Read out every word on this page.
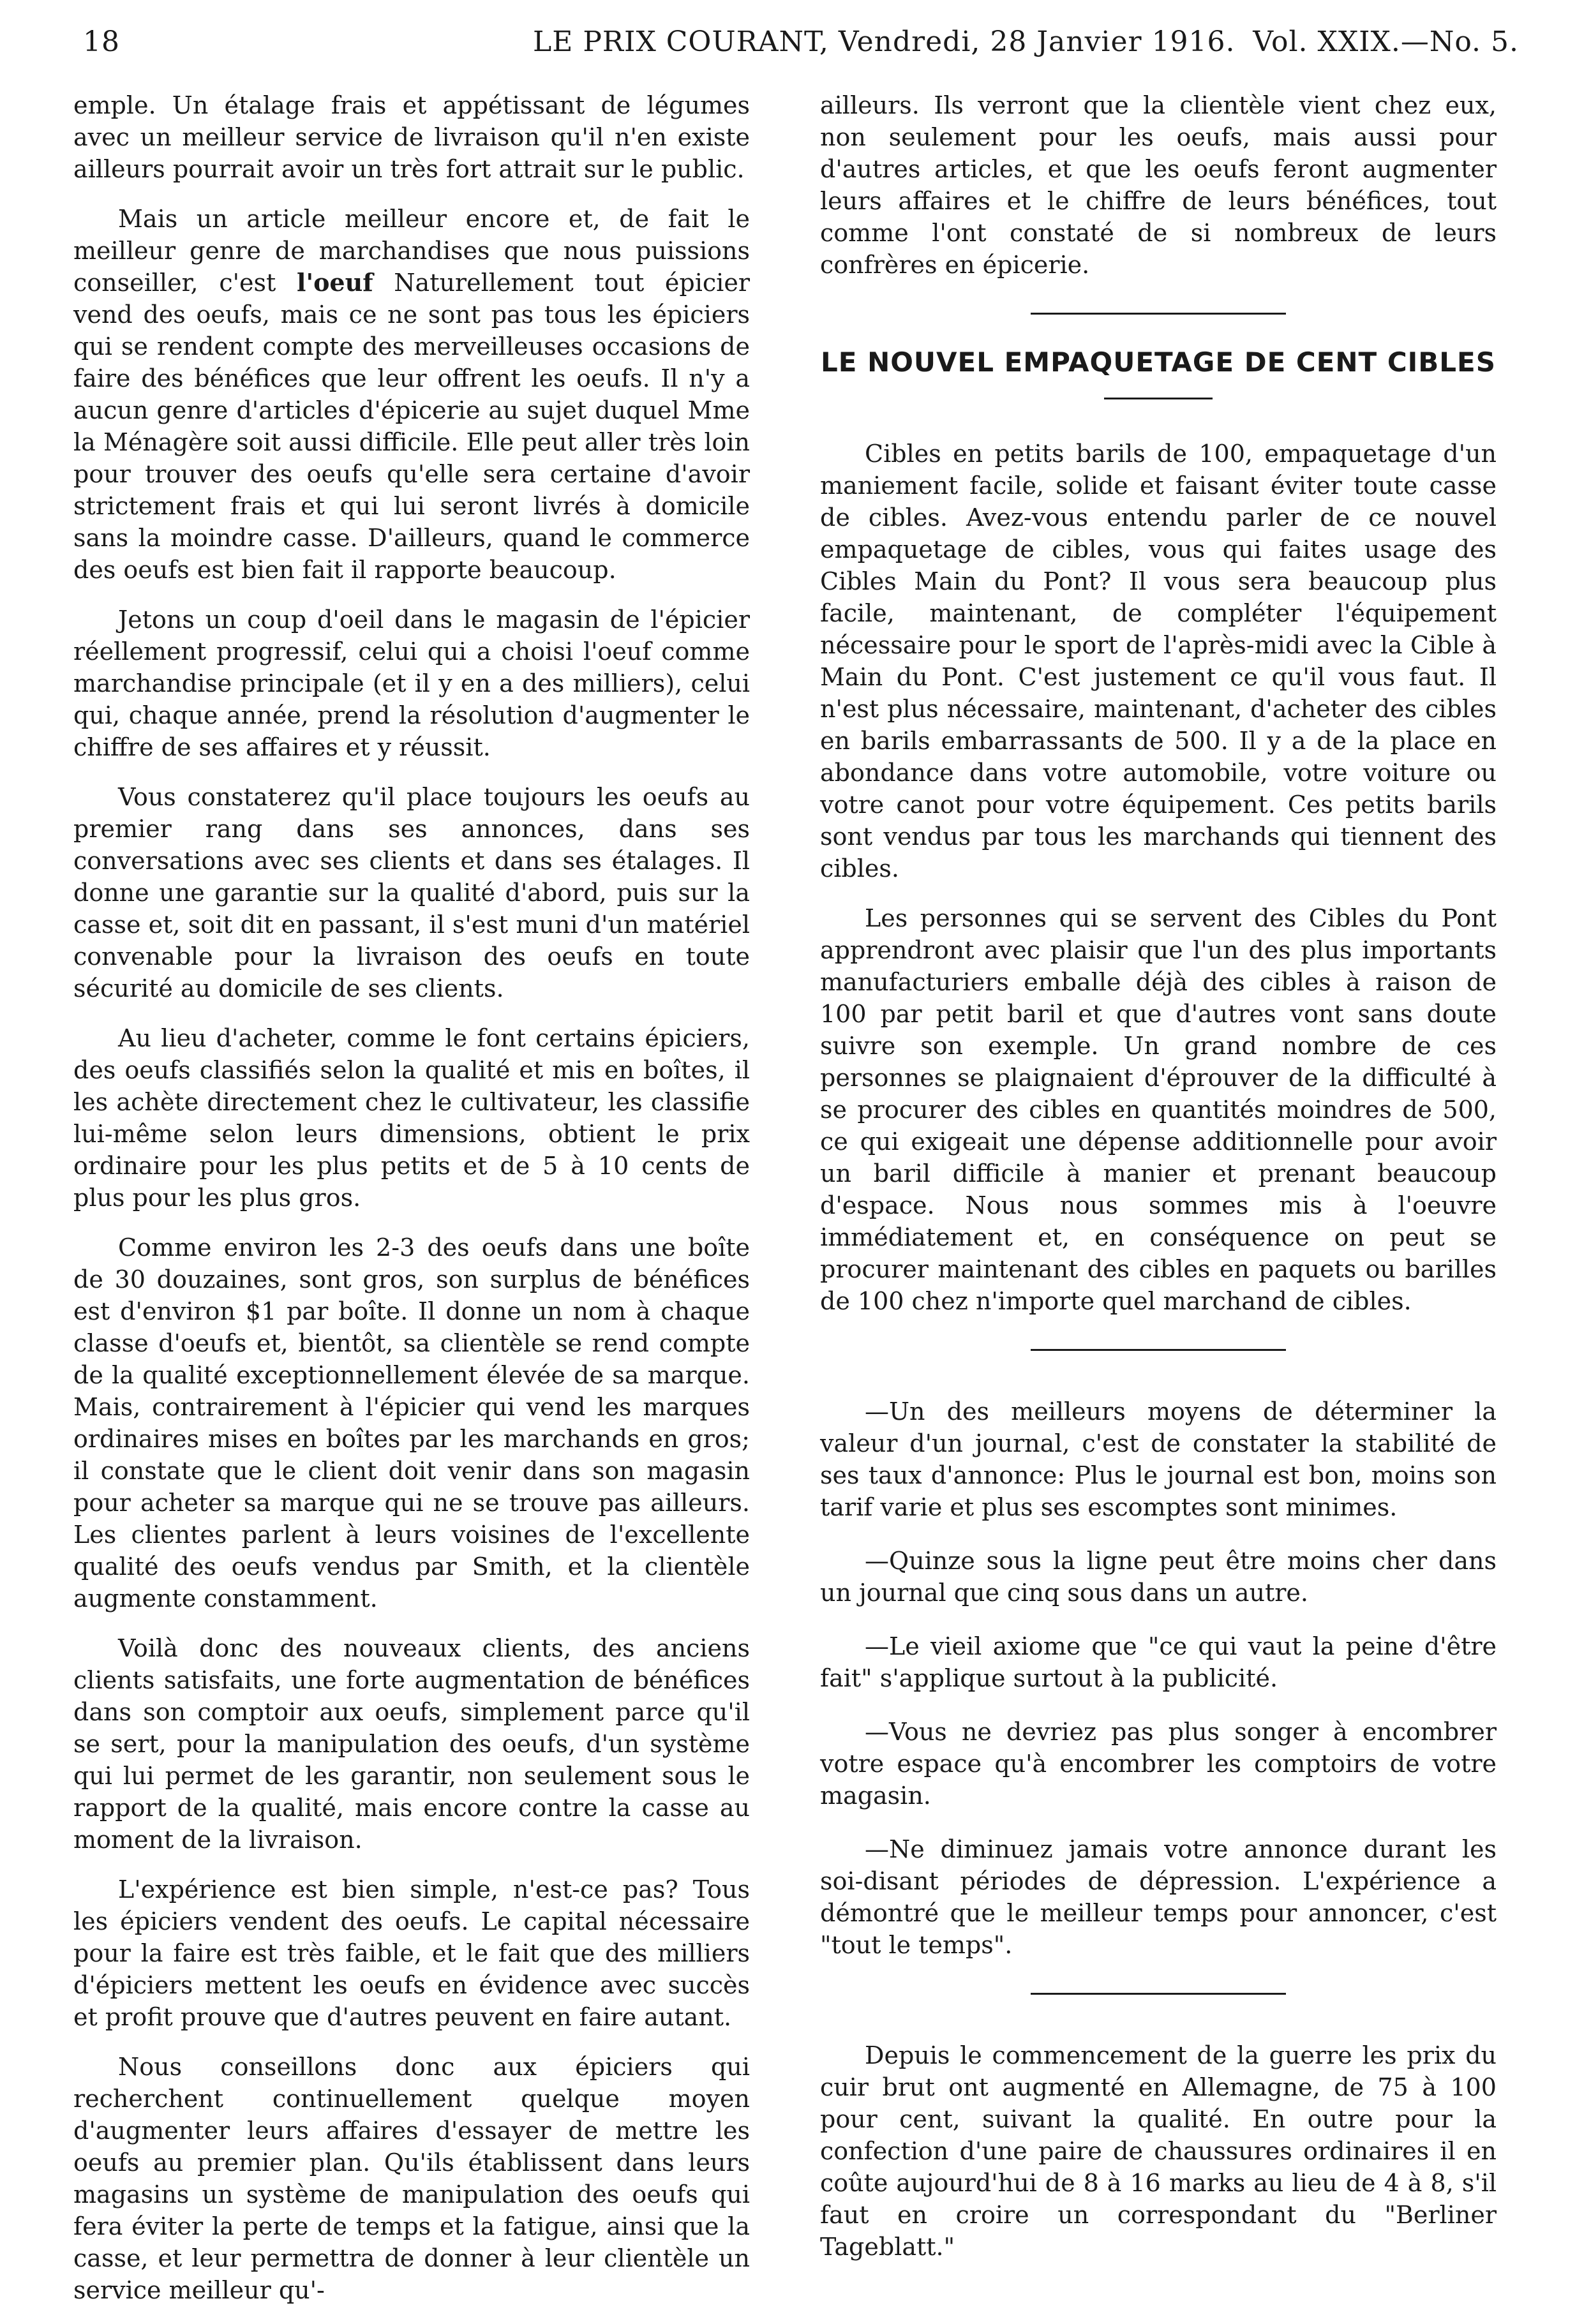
18	LE PRIX COURANT, Vendredi, 28 Janvier 1916. Vol. XXIX.—No. 5.

emple. Un étalage frais et appétissant de légumes avec un meilleur service de livraison qu'il n'en existe ailleurs pourrait avoir un très fort attrait sur le public.

Mais un article meilleur encore et, de fait le meilleur genre de marchandises que nous puissions conseiller, c'est l'oeuf Naturellement tout épicier vend des oeufs, mais ce ne sont pas tous les épiciers qui se rendent compte des merveilleuses occasions de faire des bénéfices que leur offrent les oeufs. Il n'y a aucun genre d'articles d'épicerie au sujet duquel Mme la Ménagère soit aussi difficile. Elle peut aller très loin pour trouver des oeufs qu'elle sera certaine d'avoir strictement frais et qui lui seront livrés à domicile sans la moindre casse. D'ailleurs, quand le commerce des oeufs est bien fait il rapporte beaucoup.

Jetons un coup d'oeil dans le magasin de l'épicier réellement progressif, celui qui a choisi l'oeuf comme marchandise principale (et il y en a des milliers), celui qui, chaque année, prend la résolution d'augmenter le chiffre de ses affaires et y réussit.

Vous constaterez qu'il place toujours les oeufs au premier rang dans ses annonces, dans ses conversations avec ses clients et dans ses étalages. Il donne une garantie sur la qualité d'abord, puis sur la casse et, soit dit en passant, il s'est muni d'un matériel convenable pour la livraison des oeufs en toute sécurité au domicile de ses clients.

Au lieu d'acheter, comme le font certains épiciers, des oeufs classifiés selon la qualité et mis en boîtes, il les achète directement chez le cultivateur, les classifie lui-même selon leurs dimensions, obtient le prix ordinaire pour les plus petits et de 5 à 10 cents de plus pour les plus gros.

Comme environ les 2-3 des oeufs dans une boîte de 30 douzaines, sont gros, son surplus de bénéfices est d'environ $1 par boîte. Il donne un nom à chaque classe d'oeufs et, bientôt, sa clientèle se rend compte de la qualité exceptionnellement élevée de sa marque. Mais, contrairement à l'épicier qui vend les marques ordinaires mises en boîtes par les marchands en gros; il constate que le client doit venir dans son magasin pour acheter sa marque qui ne se trouve pas ailleurs. Les clientes parlent à leurs voisines de l'excellente qualité des oeufs vendus par Smith, et la clientèle augmente constamment.

Voilà donc des nouveaux clients, des anciens clients satisfaits, une forte augmentation de bénéfices dans son comptoir aux oeufs, simplement parce qu'il se sert, pour la manipulation des oeufs, d'un système qui lui permet de les garantir, non seulement sous le rapport de la qualité, mais encore contre la casse au moment de la livraison.

L'expérience est bien simple, n'est-ce pas? Tous les épiciers vendent des oeufs. Le capital nécessaire pour la faire est très faible, et le fait que des milliers d'épiciers mettent les oeufs en évidence avec succès et profit prouve que d'autres peuvent en faire autant.

Nous conseillons donc aux épiciers qui recherchent continuellement quelque moyen d'augmenter leurs affaires d'essayer de mettre les oeufs au premier plan. Qu'ils établissent dans leurs magasins un système de manipulation des oeufs qui fera éviter la perte de temps et la fatigue, ainsi que la casse, et leur permettra de donner à leur clientèle un service meilleur qu'-

ailleurs. Ils verront que la clientèle vient chez eux, non seulement pour les oeufs, mais aussi pour d'autres articles, et que les oeufs feront augmenter leurs affaires et le chiffre de leurs bénéfices, tout comme l'ont constaté de si nombreux de leurs confrères en épicerie.

LE NOUVEL EMPAQUETAGE DE CENT CIBLES

Cibles en petits barils de 100, empaquetage d'un maniement facile, solide et faisant éviter toute casse de cibles. Avez-vous entendu parler de ce nouvel empaquetage de cibles, vous qui faites usage des Cibles Main du Pont? Il vous sera beaucoup plus facile, maintenant, de compléter l'équipement nécessaire pour le sport de l'après-midi avec la Cible à Main du Pont. C'est justement ce qu'il vous faut. Il n'est plus nécessaire, maintenant, d'acheter des cibles en barils embarrassants de 500. Il y a de la place en abondance dans votre automobile, votre voiture ou votre canot pour votre équipement. Ces petits barils sont vendus par tous les marchands qui tiennent des cibles.

Les personnes qui se servent des Cibles du Pont apprendront avec plaisir que l'un des plus importants manufacturiers emballe déjà des cibles à raison de 100 par petit baril et que d'autres vont sans doute suivre son exemple. Un grand nombre de ces personnes se plaignaient d'éprouver de la difficulté à se procurer des cibles en quantités moindres de 500, ce qui exigeait une dépense additionnelle pour avoir un baril difficile à manier et prenant beaucoup d'espace. Nous nous sommes mis à l'oeuvre immédiatement et, en conséquence on peut se procurer maintenant des cibles en paquets ou barilles de 100 chez n'importe quel marchand de cibles.

—Un des meilleurs moyens de déterminer la valeur d'un journal, c'est de constater la stabilité de ses taux d'annonce: Plus le journal est bon, moins son tarif varie et plus ses escomptes sont minimes.

—Quinze sous la ligne peut être moins cher dans un journal que cinq sous dans un autre.

—Le vieil axiome que "ce qui vaut la peine d'être fait" s'applique surtout à la publicité.

—Vous ne devriez pas plus songer à encombrer votre espace qu'à encombrer les comptoirs de votre magasin.

—Ne diminuez jamais votre annonce durant les soi-disant périodes de dépression. L'expérience a démontré que le meilleur temps pour annoncer, c'est "tout le temps".

Depuis le commencement de la guerre les prix du cuir brut ont augmenté en Allemagne, de 75 à 100 pour cent, suivant la qualité. En outre pour la confection d'une paire de chaussures ordinaires il en coûte aujourd'hui de 8 à 16 marks au lieu de 4 à 8, s'il faut en croire un correspondant du "Berliner Tageblatt."
